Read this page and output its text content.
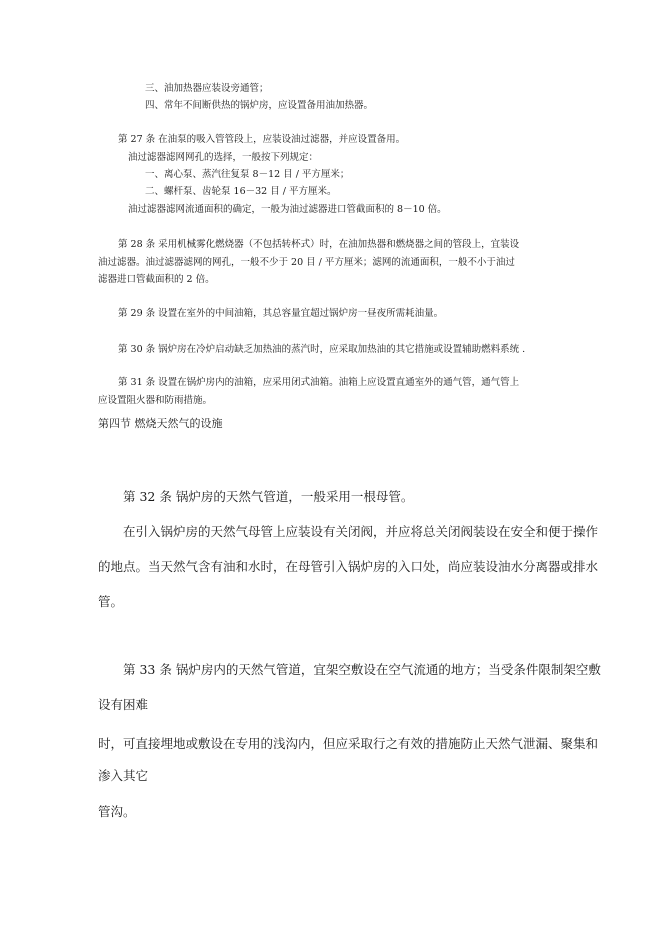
三、油加热器应装设旁通管；
四、常年不间断供热的锅炉房，应设置备用油加热器。
第 27 条 在油泵的吸入管管段上，应装设油过滤器，并应设置备用。
油过滤器滤网网孔的选择，一般按下列规定：
一、离心泵、蒸汽往复泵 8－12 目 / 平方厘米；
二、螺杆泵、齿轮泵 16－32 目 / 平方厘米。
油过滤器滤网流通面积的确定，一般为油过滤器进口管截面积的 8－10 倍。
第 28 条 采用机械雾化燃烧器（不包括转杯式）时，在油加热器和燃烧器之间的管段上，宜装设
油过滤器。油过滤器滤网的网孔，一般不少于 20 目 / 平方厘米；滤网的流通面积，一般不小于油过
滤器进口管截面积的 2 倍。
第 29 条 设置在室外的中间油箱，其总容量宜超过锅炉房一昼夜所需耗油量。
第 30 条 锅炉房在冷炉启动缺乏加热油的蒸汽时，应采取加热油的其它措施或设置辅助燃料系统 .
第 31 条 设置在锅炉房内的油箱，应采用闭式油箱。油箱上应设置直通室外的通气管，通气管上
应设置阻火器和防雨措施。
第四节 燃烧天然气的设施
第 32 条 锅炉房的天然气管道，一般采用一根母管。
在引入锅炉房的天然气母管上应装设有关闭阀，并应将总关闭阀装设在安全和便于操作
的地点。当天然气含有油和水时，在母管引入锅炉房的入口处，尚应装设油水分离器或排水
管。
第 33 条 锅炉房内的天然气管道，宜架空敷设在空气流通的地方；当受条件限制架空敷
设有困难
时，可直接埋地或敷设在专用的浅沟内，但应采取行之有效的措施防止天然气泄漏、聚集和
渗入其它
管沟。
